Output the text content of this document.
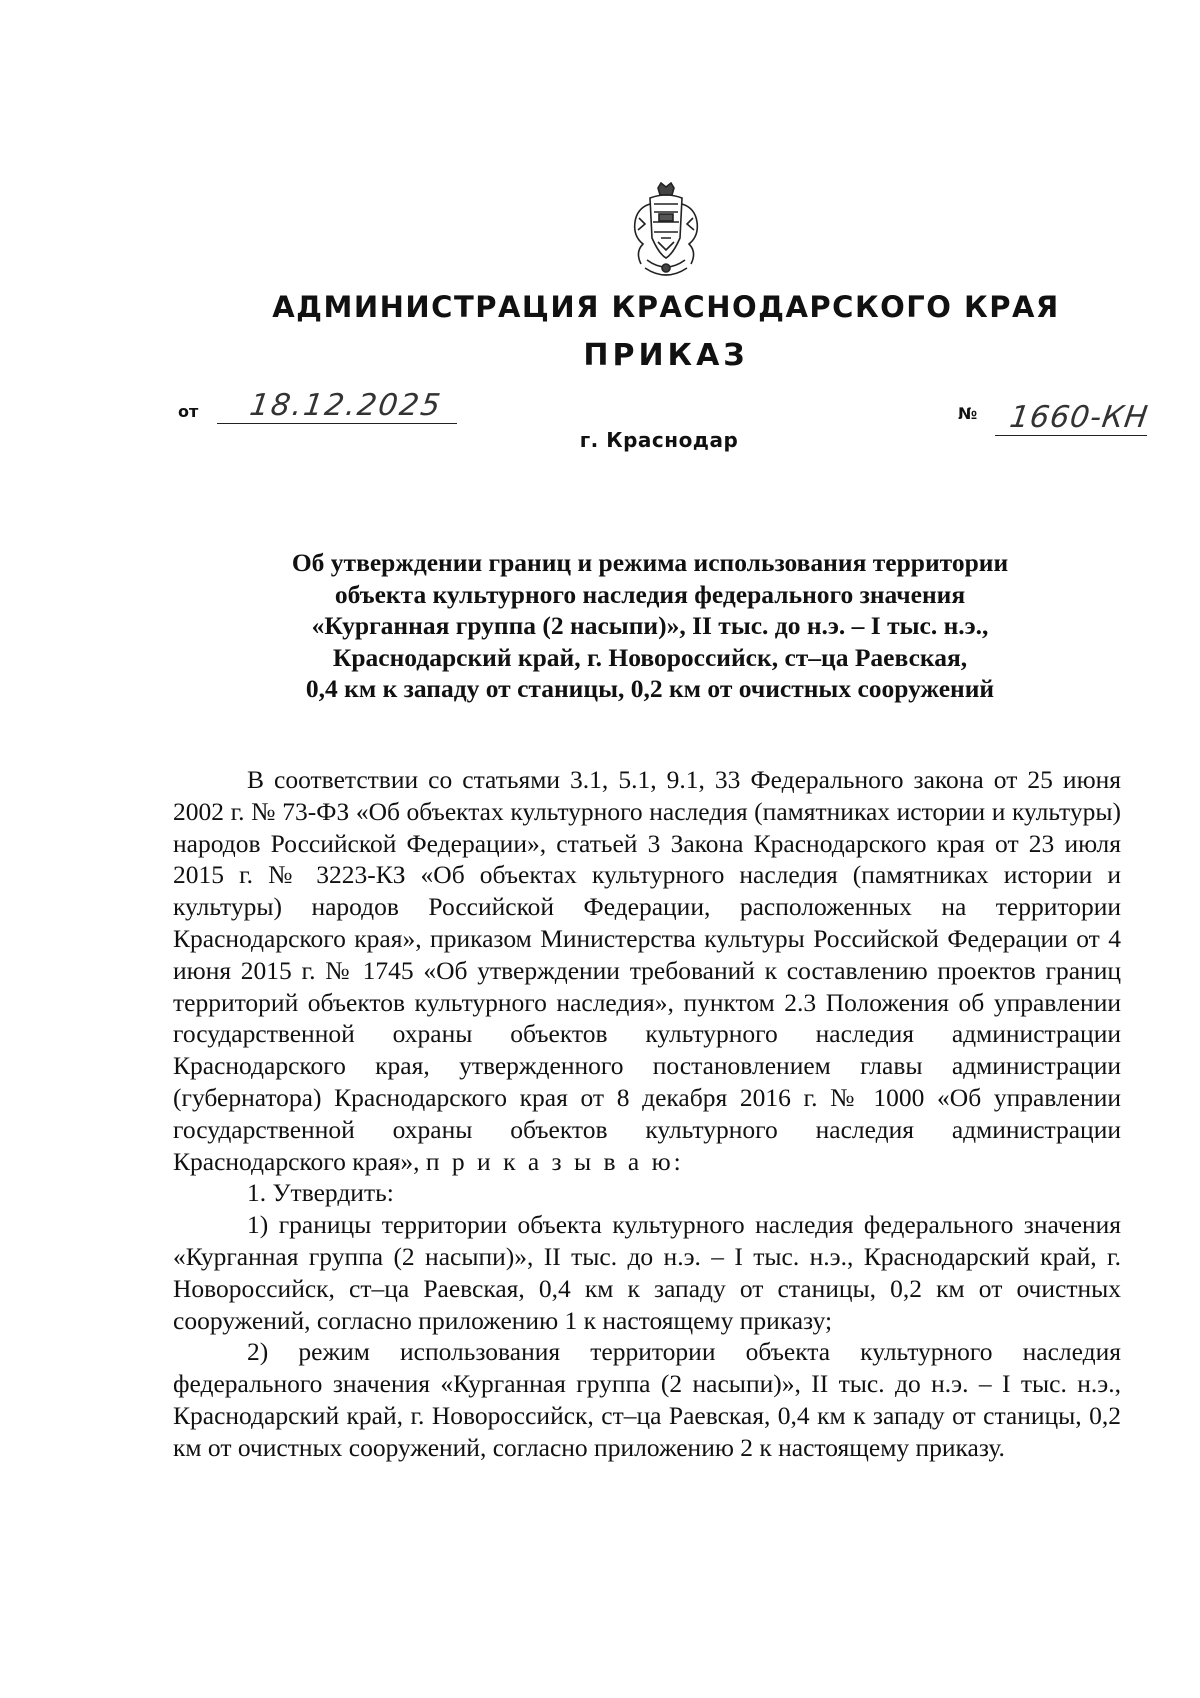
АДМИНИСТРАЦИЯ КРАСНОДАРСКОГО КРАЯ
ПРИКАЗ
от 18.12.2025	№ 1660-КН
г. Краснодар
Об утверждении границ и режима использования территории
объекта культурного наследия федерального значения
«Курганная группа (2 насыпи)», II тыс. до н.э. – I тыс. н.э.,
Краснодарский край, г. Новороссийск, ст–ца Раевская,
0,4 км к западу от станицы, 0,2 км от очистных сооружений

В соответствии со статьями 3.1, 5.1, 9.1, 33 Федерального закона от 25 июня 2002 г. № 73-ФЗ «Об объектах культурного наследия (памятниках истории и культуры) народов Российской Федерации», статьей 3 Закона Краснодарского края от 23 июля 2015 г. № 3223-КЗ «Об объектах культурного наследия (памятниках истории и культуры) народов Российской Федерации, расположенных на территории Краснодарского края», приказом Министерства культуры Российской Федерации от 4 июня 2015 г. № 1745 «Об утверждении требований к составлению проектов границ территорий объектов культурного наследия», пунктом 2.3 Положения об управлении государственной охраны объектов культурного наследия администрации Краснодарского края, утвержденного постановлением главы администрации (губернатора) Краснодарского края от 8 декабря 2016 г. № 1000 «Об управлении государственной охраны объектов культурного наследия администрации Краснодарского края», п р и к а з ы в а ю:

1. Утвердить:

1) границы территории объекта культурного наследия федерального значения «Курганная группа (2 насыпи)», II тыс. до н.э. – I тыс. н.э., Краснодарский край, г. Новороссийск, ст–ца Раевская, 0,4 км к западу от станицы, 0,2 км от очистных сооружений, согласно приложению 1 к настоящему приказу;

2) режим использования территории объекта культурного наследия федерального значения «Курганная группа (2 насыпи)», II тыс. до н.э. – I тыс. н.э., Краснодарский край, г. Новороссийск, ст–ца Раевская, 0,4 км к западу от станицы, 0,2 км от очистных сооружений, согласно приложению 2 к настоящему приказу.
